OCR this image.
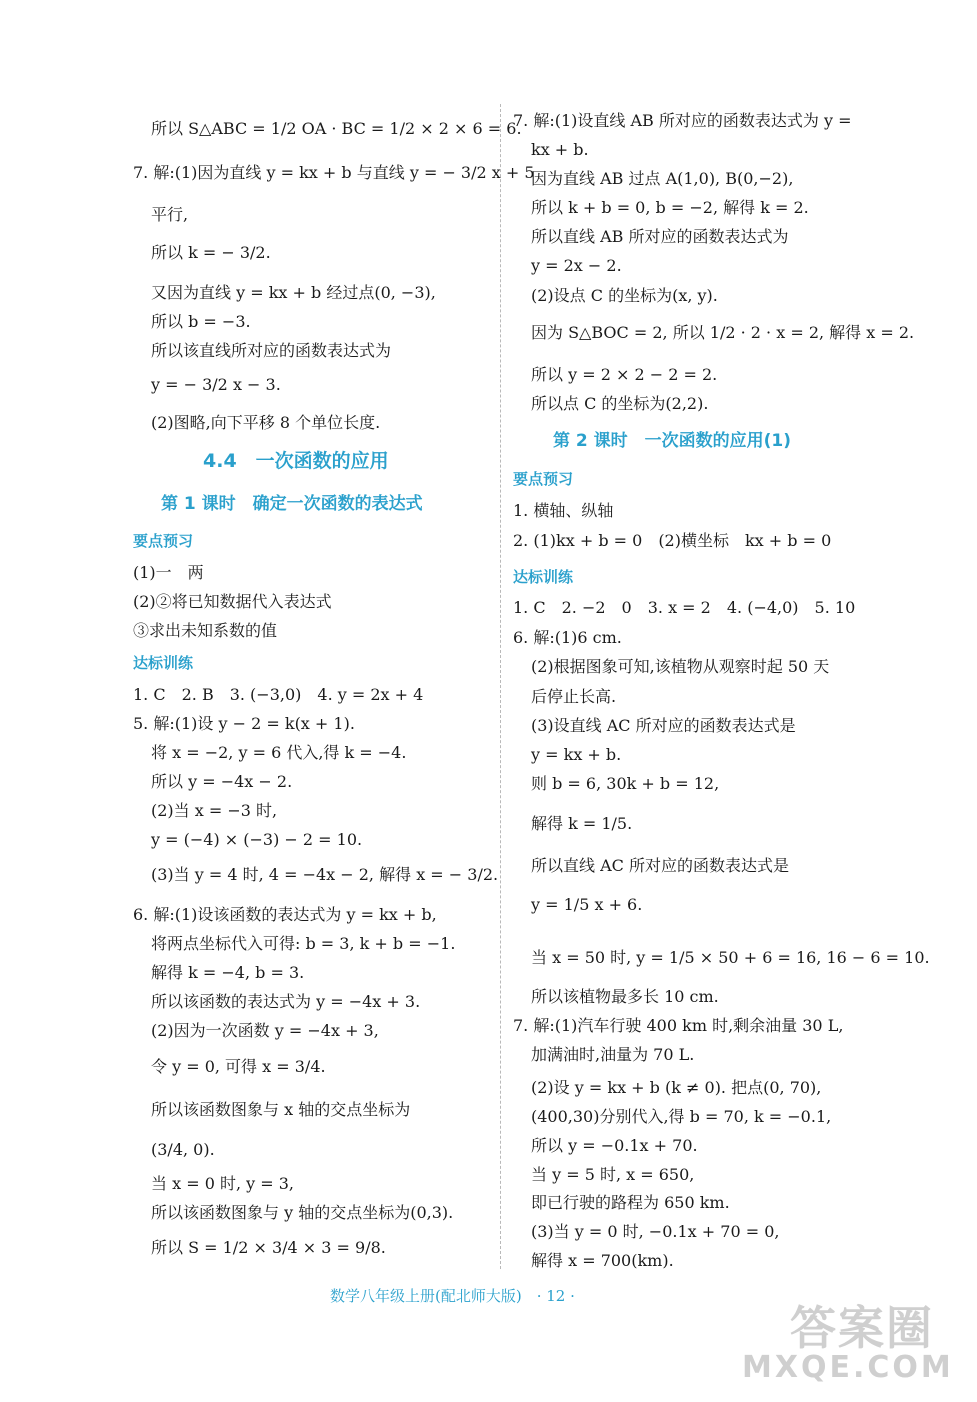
所以 S△ABC = 1/2 OA · BC = 1/2 × 2 × 6 = 6.
7. 解:(1)因为直线 y = kx + b 与直线 y = − 3/2 x + 5
平行,
所以 k = − 3/2.
又因为直线 y = kx + b 经过点(0, −3),
所以 b = −3.
所以该直线所对应的函数表达式为
y = − 3/2 x − 3.
(2)图略,向下平移 8 个单位长度.
4.4　一次函数的应用
第 1 课时　确定一次函数的表达式
要点预习
(1)一　两
(2)②将已知数据代入表达式
③求出未知系数的值
达标训练
1. C　2. B　3. (−3,0)　4. y = 2x + 4
5. 解:(1)设 y − 2 = k(x + 1).
将 x = −2, y = 6 代入,得 k = −4.
所以 y = −4x − 2.
(2)当 x = −3 时,
y = (−4) × (−3) − 2 = 10.
(3)当 y = 4 时, 4 = −4x − 2, 解得 x = − 3/2.
6. 解:(1)设该函数的表达式为 y = kx + b,
将两点坐标代入可得: b = 3, k + b = −1.
解得 k = −4, b = 3.
所以该函数的表达式为 y = −4x + 3.
(2)因为一次函数 y = −4x + 3,
令 y = 0, 可得 x = 3/4.
所以该函数图象与 x 轴的交点坐标为
(3/4, 0).
当 x = 0 时, y = 3,
所以该函数图象与 y 轴的交点坐标为(0,3).
所以 S = 1/2 × 3/4 × 3 = 9/8.
7. 解:(1)设直线 AB 所对应的函数表达式为 y =
kx + b.
因为直线 AB 过点 A(1,0), B(0,−2),
所以 k + b = 0, b = −2, 解得 k = 2.
所以直线 AB 所对应的函数表达式为
y = 2x − 2.
(2)设点 C 的坐标为(x, y).
因为 S△BOC = 2, 所以 1/2 · 2 · x = 2, 解得 x = 2.
所以 y = 2 × 2 − 2 = 2.
所以点 C 的坐标为(2,2).
第 2 课时　一次函数的应用(1)
要点预习
1. 横轴、纵轴
2. (1)kx + b = 0　(2)横坐标　kx + b = 0
达标训练
1. C　2. −2　0　3. x = 2　4. (−4,0)　5. 10
6. 解:(1)6 cm.
(2)根据图象可知,该植物从观察时起 50 天
后停止长高.
(3)设直线 AC 所对应的函数表达式是
y = kx + b.
则 b = 6, 30k + b = 12,
解得 k = 1/5.
所以直线 AC 所对应的函数表达式是
y = 1/5 x + 6.
当 x = 50 时, y = 1/5 × 50 + 6 = 16, 16 − 6 = 10.
所以该植物最多长 10 cm.
7. 解:(1)汽车行驶 400 km 时,剩余油量 30 L,
加满油时,油量为 70 L.
(2)设 y = kx + b (k ≠ 0). 把点(0, 70),
(400,30)分别代入,得 b = 70, k = −0.1,
所以 y = −0.1x + 70.
当 y = 5 时, x = 650,
即已行驶的路程为 650 km.
(3)当 y = 0 时, −0.1x + 70 = 0,
解得 x = 700(km).
数学八年级上册(配北师大版)　· 12 ·
答案圈
MXQE.COM
